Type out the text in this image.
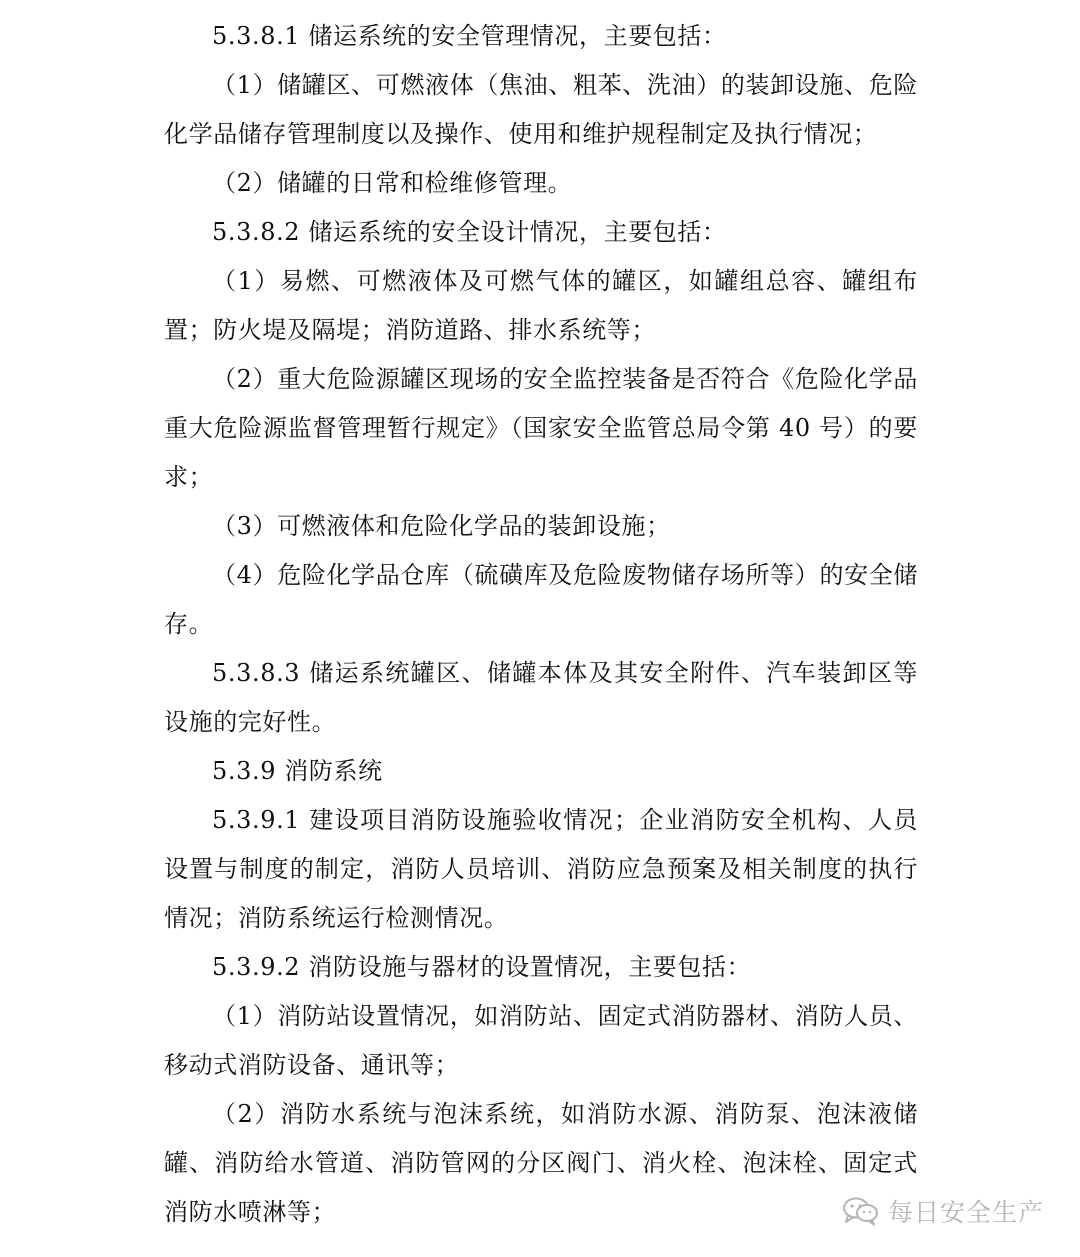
5.3.8.1 储运系统的安全管理情况，主要包括：

（1）储罐区、可燃液体（焦油、粗苯、洗油）的装卸设施、危险化学品储存管理制度以及操作、使用和维护规程制定及执行情况；

（2）储罐的日常和检维修管理。

5.3.8.2 储运系统的安全设计情况，主要包括：

（1）易燃、可燃液体及可燃气体的罐区，如罐组总容、罐组布置；防火堤及隔堤；消防道路、排水系统等；

（2）重大危险源罐区现场的安全监控装备是否符合《危险化学品重大危险源监督管理暂行规定》（国家安全监管总局令第 40 号）的要求；

（3）可燃液体和危险化学品的装卸设施；

（4）危险化学品仓库（硫磺库及危险废物储存场所等）的安全储存。

5.3.8.3 储运系统罐区、储罐本体及其安全附件、汽车装卸区等设施的完好性。

5.3.9 消防系统

5.3.9.1 建设项目消防设施验收情况；企业消防安全机构、人员设置与制度的制定，消防人员培训、消防应急预案及相关制度的执行情况；消防系统运行检测情况。

5.3.9.2 消防设施与器材的设置情况，主要包括：

（1）消防站设置情况，如消防站、固定式消防器材、消防人员、移动式消防设备、通讯等；

（2）消防水系统与泡沫系统，如消防水源、消防泵、泡沫液储罐、消防给水管道、消防管网的分区阀门、消火栓、泡沫栓、固定式消防水喷淋等；	每日安全生产
